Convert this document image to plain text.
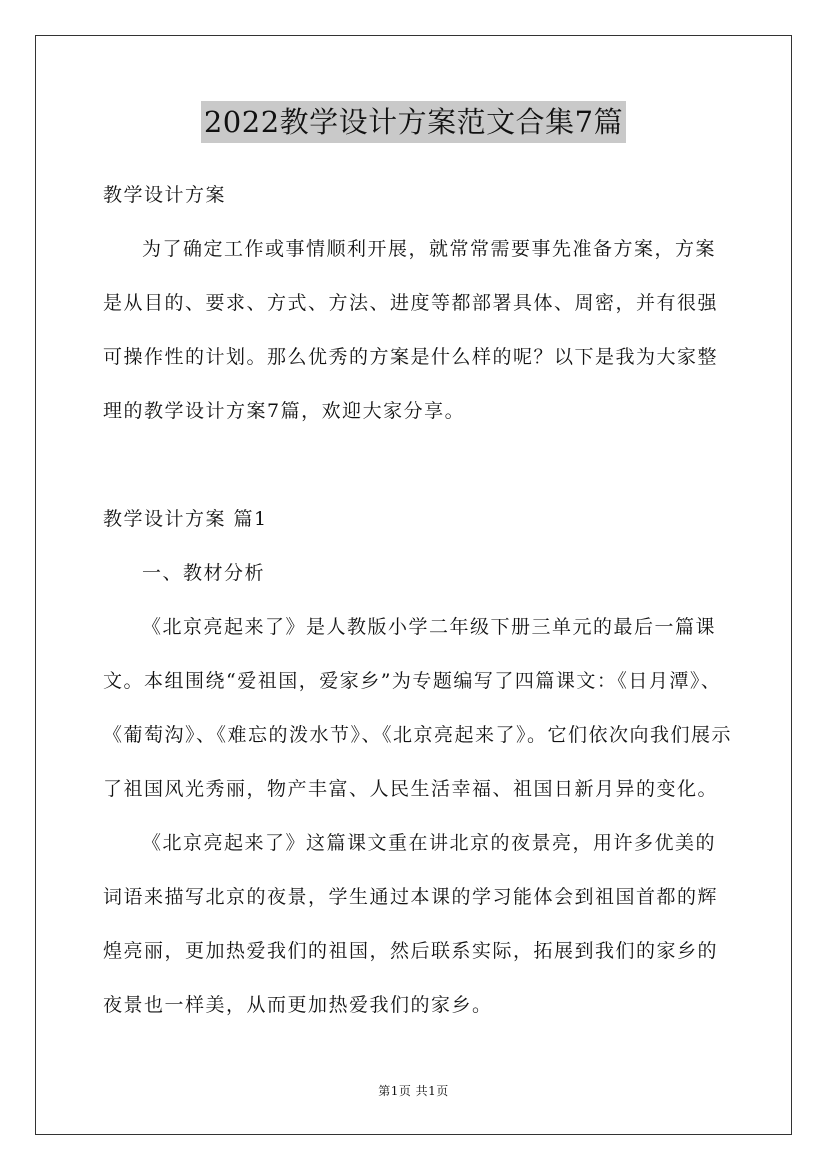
2022教学设计方案范文合集7篇
教学设计方案
为了确定工作或事情顺利开展，就常常需要事先准备方案，方案
是从目的、要求、方式、方法、进度等都部署具体、周密，并有很强
可操作性的计划。那么优秀的方案是什么样的呢？以下是我为大家整
理的教学设计方案7篇，欢迎大家分享。
教学设计方案 篇1
一、教材分析
《北京亮起来了》是人教版小学二年级下册三单元的最后一篇课
文。本组围绕“爱祖国，爱家乡”为专题编写了四篇课文：《日月潭》、
《葡萄沟》、《难忘的泼水节》、《北京亮起来了》。它们依次向我们展示
了祖国风光秀丽，物产丰富、人民生活幸福、祖国日新月异的变化。
《北京亮起来了》这篇课文重在讲北京的夜景亮，用许多优美的
词语来描写北京的夜景，学生通过本课的学习能体会到祖国首都的辉
煌亮丽，更加热爱我们的祖国，然后联系实际，拓展到我们的家乡的
夜景也一样美，从而更加热爱我们的家乡。
第1页 共1页
